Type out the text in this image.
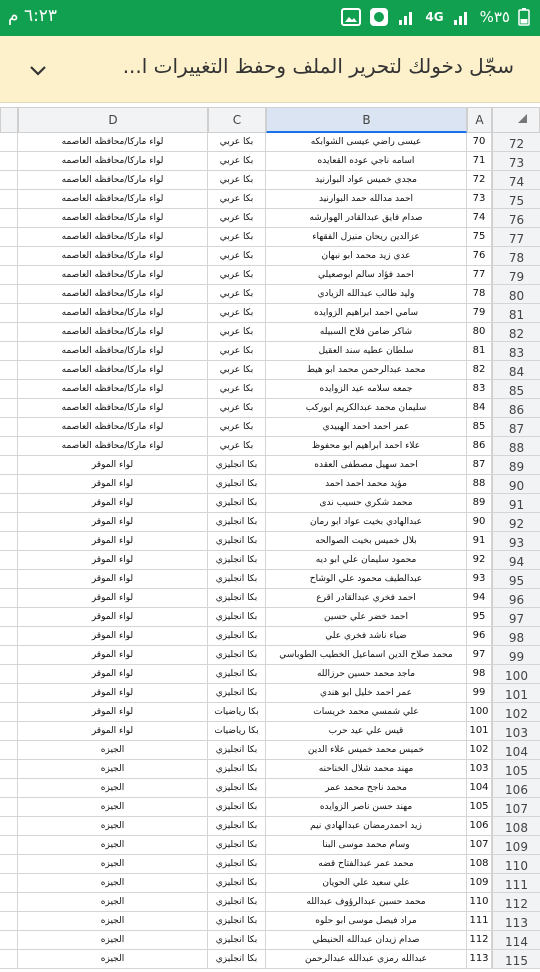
٦:٢٣ م	4G %٣٥
سجّل دخولك لتحرير الملف وحفظ التغييرات ا...
D	C	B	A
لواء ماركا/محافظه العاصمه	بكا عربي	عيسى راضي عيسى الشوابكه	70	72
لواء ماركا/محافظه العاصمه	بكا عربي	اسامه ناجي عوده القعايده	71	73
لواء ماركا/محافظه العاصمه	بكا عربي	مجدي خميس عواد البوارنيد	72	74
لواء ماركا/محافظه العاصمه	بكا عربي	احمد مدالله حمد البوارنيد	73	75
لواء ماركا/محافظه العاصمه	بكا عربي	صدام فايق عبدالقادر الهوارشه	74	76
لواء ماركا/محافظه العاصمه	بكا عربي	عزالدين ريحان منيزل الفقهاء	75	77
لواء ماركا/محافظه العاصمه	بكا عربي	عدي زيد محمد ابو نبهان	76	78
لواء ماركا/محافظه العاصمه	بكا عربي	احمد فؤاد سالم ابوصعيلي	77	79
لواء ماركا/محافظه العاصمه	بكا عربي	وليد طالب عبدالله الزيادي	78	80
لواء ماركا/محافظه العاصمه	بكا عربي	سامي احمد ابراهيم الزوايده	79	81
لواء ماركا/محافظه العاصمه	بكا عربي	شاكر ضامن فلاح السبيله	80	82
لواء ماركا/محافظه العاصمه	بكا عربي	سلطان عطيه سند العقيل	81	83
لواء ماركا/محافظه العاصمه	بكا عربي	محمد عبدالرحمن محمد ابو هيط	82	84
لواء ماركا/محافظه العاصمه	بكا عربي	جمعه سلامه عيد الزوايده	83	85
لواء ماركا/محافظه العاصمه	بكا عربي	سليمان محمد عبدالكريم ابوركب	84	86
لواء ماركا/محافظه العاصمه	بكا عربي	عمر احمد احمد الهبيدي	85	87
لواء ماركا/محافظه العاصمه	بكا عربي	علاء احمد ابراهيم ابو محفوظ	86	88
لواء الموقر	بكا انجليزي	احمد سهيل مصطفى العقده	87	89
لواء الموقر	بكا انجليزي	مؤيد محمد احمد احمد	88	90
لواء الموقر	بكا انجليزي	محمد شكري حسيب ندى	89	91
لواء الموقر	بكا انجليزي	عبدالهادي بخيت عواد ابو رمان	90	92
لواء الموقر	بكا انجليزي	بلال خميس بخيت الصوالحه	91	93
لواء الموقر	بكا انجليزي	محمود سليمان علي ابو ديه	92	94
لواء الموقر	بكا انجليزي	عبدالطيف محمود علي الوشاح	93	95
لواء الموقر	بكا انجليزي	احمد فخري عبدالقادر اقرع	94	96
لواء الموقر	بكا انجليزي	احمد خضر علي حسين	95	97
لواء الموقر	بكا انجليزي	ضياء ناشد فخري علي	96	98
لواء الموقر	بكا انجليزي	محمد صلاح الدين اسماعيل الخطيب الطوباسي	97	99
لواء الموقر	بكا انجليزي	ماجد محمد حسين حرزالله	98	100
لواء الموقر	بكا انجليزي	عمر احمد خليل ابو هندي	99	101
لواء الموقر	بكا رياضيات	علي شمسي محمد خريسات	100	102
لواء الموقر	بكا رياضيات	قيس علي عيد حرب	101	103
الجيزه	بكا انجليزي	خميس محمد خميس علاء الدين	102	104
الجيزه	بكا انجليزي	مهند محمد شلال الخناحنه	103	105
الجيزه	بكا انجليزي	محمد ناجح محمد عمر	104	106
الجيزه	بكا انجليزي	مهند حسن ناصر الزوايده	105	107
الجيزه	بكا انجليزي	زيد احمدرمضان عبدالهادي نيم	106	108
الجيزه	بكا انجليزي	وسام محمد موسى البنا	107	109
الجيزه	بكا انجليزي	محمد عمر عبدالفتاح قضه	108	110
الجيزه	بكا انجليزي	علي سعيد علي الحويان	109	111
الجيزه	بكا انجليزي	محمد حسين عبدالرؤوف عبدالله	110	112
الجيزه	بكا انجليزي	مراد فيصل موسى ابو حلوه	111	113
الجيزه	بكا انجليزي	صدام زيدان عبدالله الحنيطي	112	114
الجيزه	بكا انجليزي	عبدالله رمزي عبدالله عبدالرحمن	113	115
